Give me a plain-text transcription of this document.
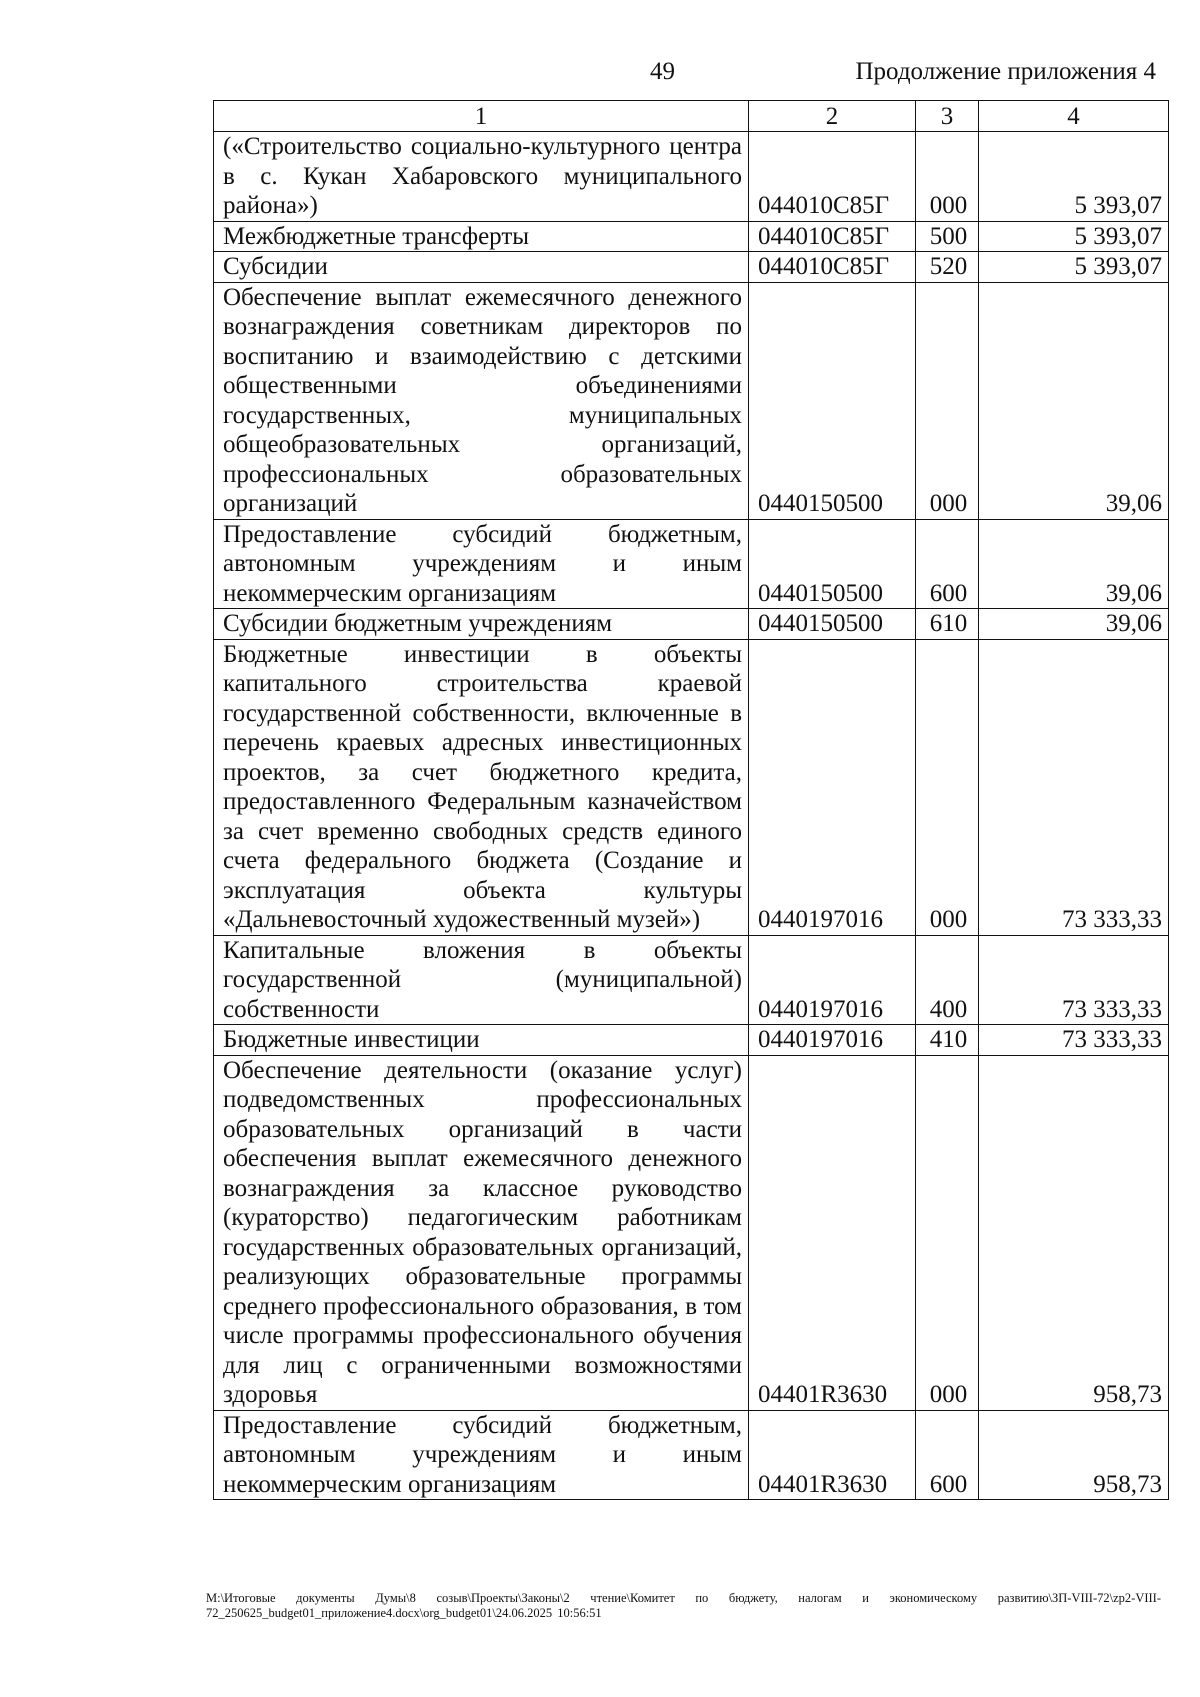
49	Продолжение приложения 4
1	2	3	4
(«Строительство социально-культурного центра в с. Кукан Хабаровского муниципального района»)	044010C85Г	000	5 393,07
Межбюджетные трансферты	044010C85Г	500	5 393,07
Субсидии	044010C85Г	520	5 393,07
Обеспечение выплат ежемесячного денежного вознаграждения советникам директоров по воспитанию и взаимодействию с детскими общественными объединениями государственных, муниципальных общеобразовательных организаций, профессиональных образовательных организаций	0440150500	000	39,06
Предоставление субсидий бюджетным, автономным учреждениям и иным некоммерческим организациям	0440150500	600	39,06
Субсидии бюджетным учреждениям	0440150500	610	39,06
Бюджетные инвестиции в объекты капитального строительства краевой государственной собственности, включенные в перечень краевых адресных инвестиционных проектов, за счет бюджетного кредита, предоставленного Федеральным казначейством за счет временно свободных средств единого счета федерального бюджета (Создание и эксплуатация объекта культуры «Дальневосточный художественный музей»)	0440197016	000	73 333,33
Капитальные вложения в объекты государственной (муниципальной) собственности	0440197016	400	73 333,33
Бюджетные инвестиции	0440197016	410	73 333,33
Обеспечение деятельности (оказание услуг) подведомственных профессиональных образовательных организаций в части обеспечения выплат ежемесячного денежного вознаграждения за классное руководство (кураторство) педагогическим работникам государственных образовательных организаций, реализующих образовательные программы среднего профессионального образования, в том числе программы профессионального обучения для лиц с ограниченными возможностями здоровья	04401R3630	000	958,73
Предоставление субсидий бюджетным, автономным учреждениям и иным некоммерческим организациям	04401R3630	600	958,73
M:\Итоговые документы Думы\8 созыв\Проекты\Законы\2 чтение\Комитет по бюджету, налогам и экономическому развитию\ЗП-VIII-72\zp2-VIII-72_250625_budget01_приложение4.docx\org_budget01\24.06.2025 10:56:51
